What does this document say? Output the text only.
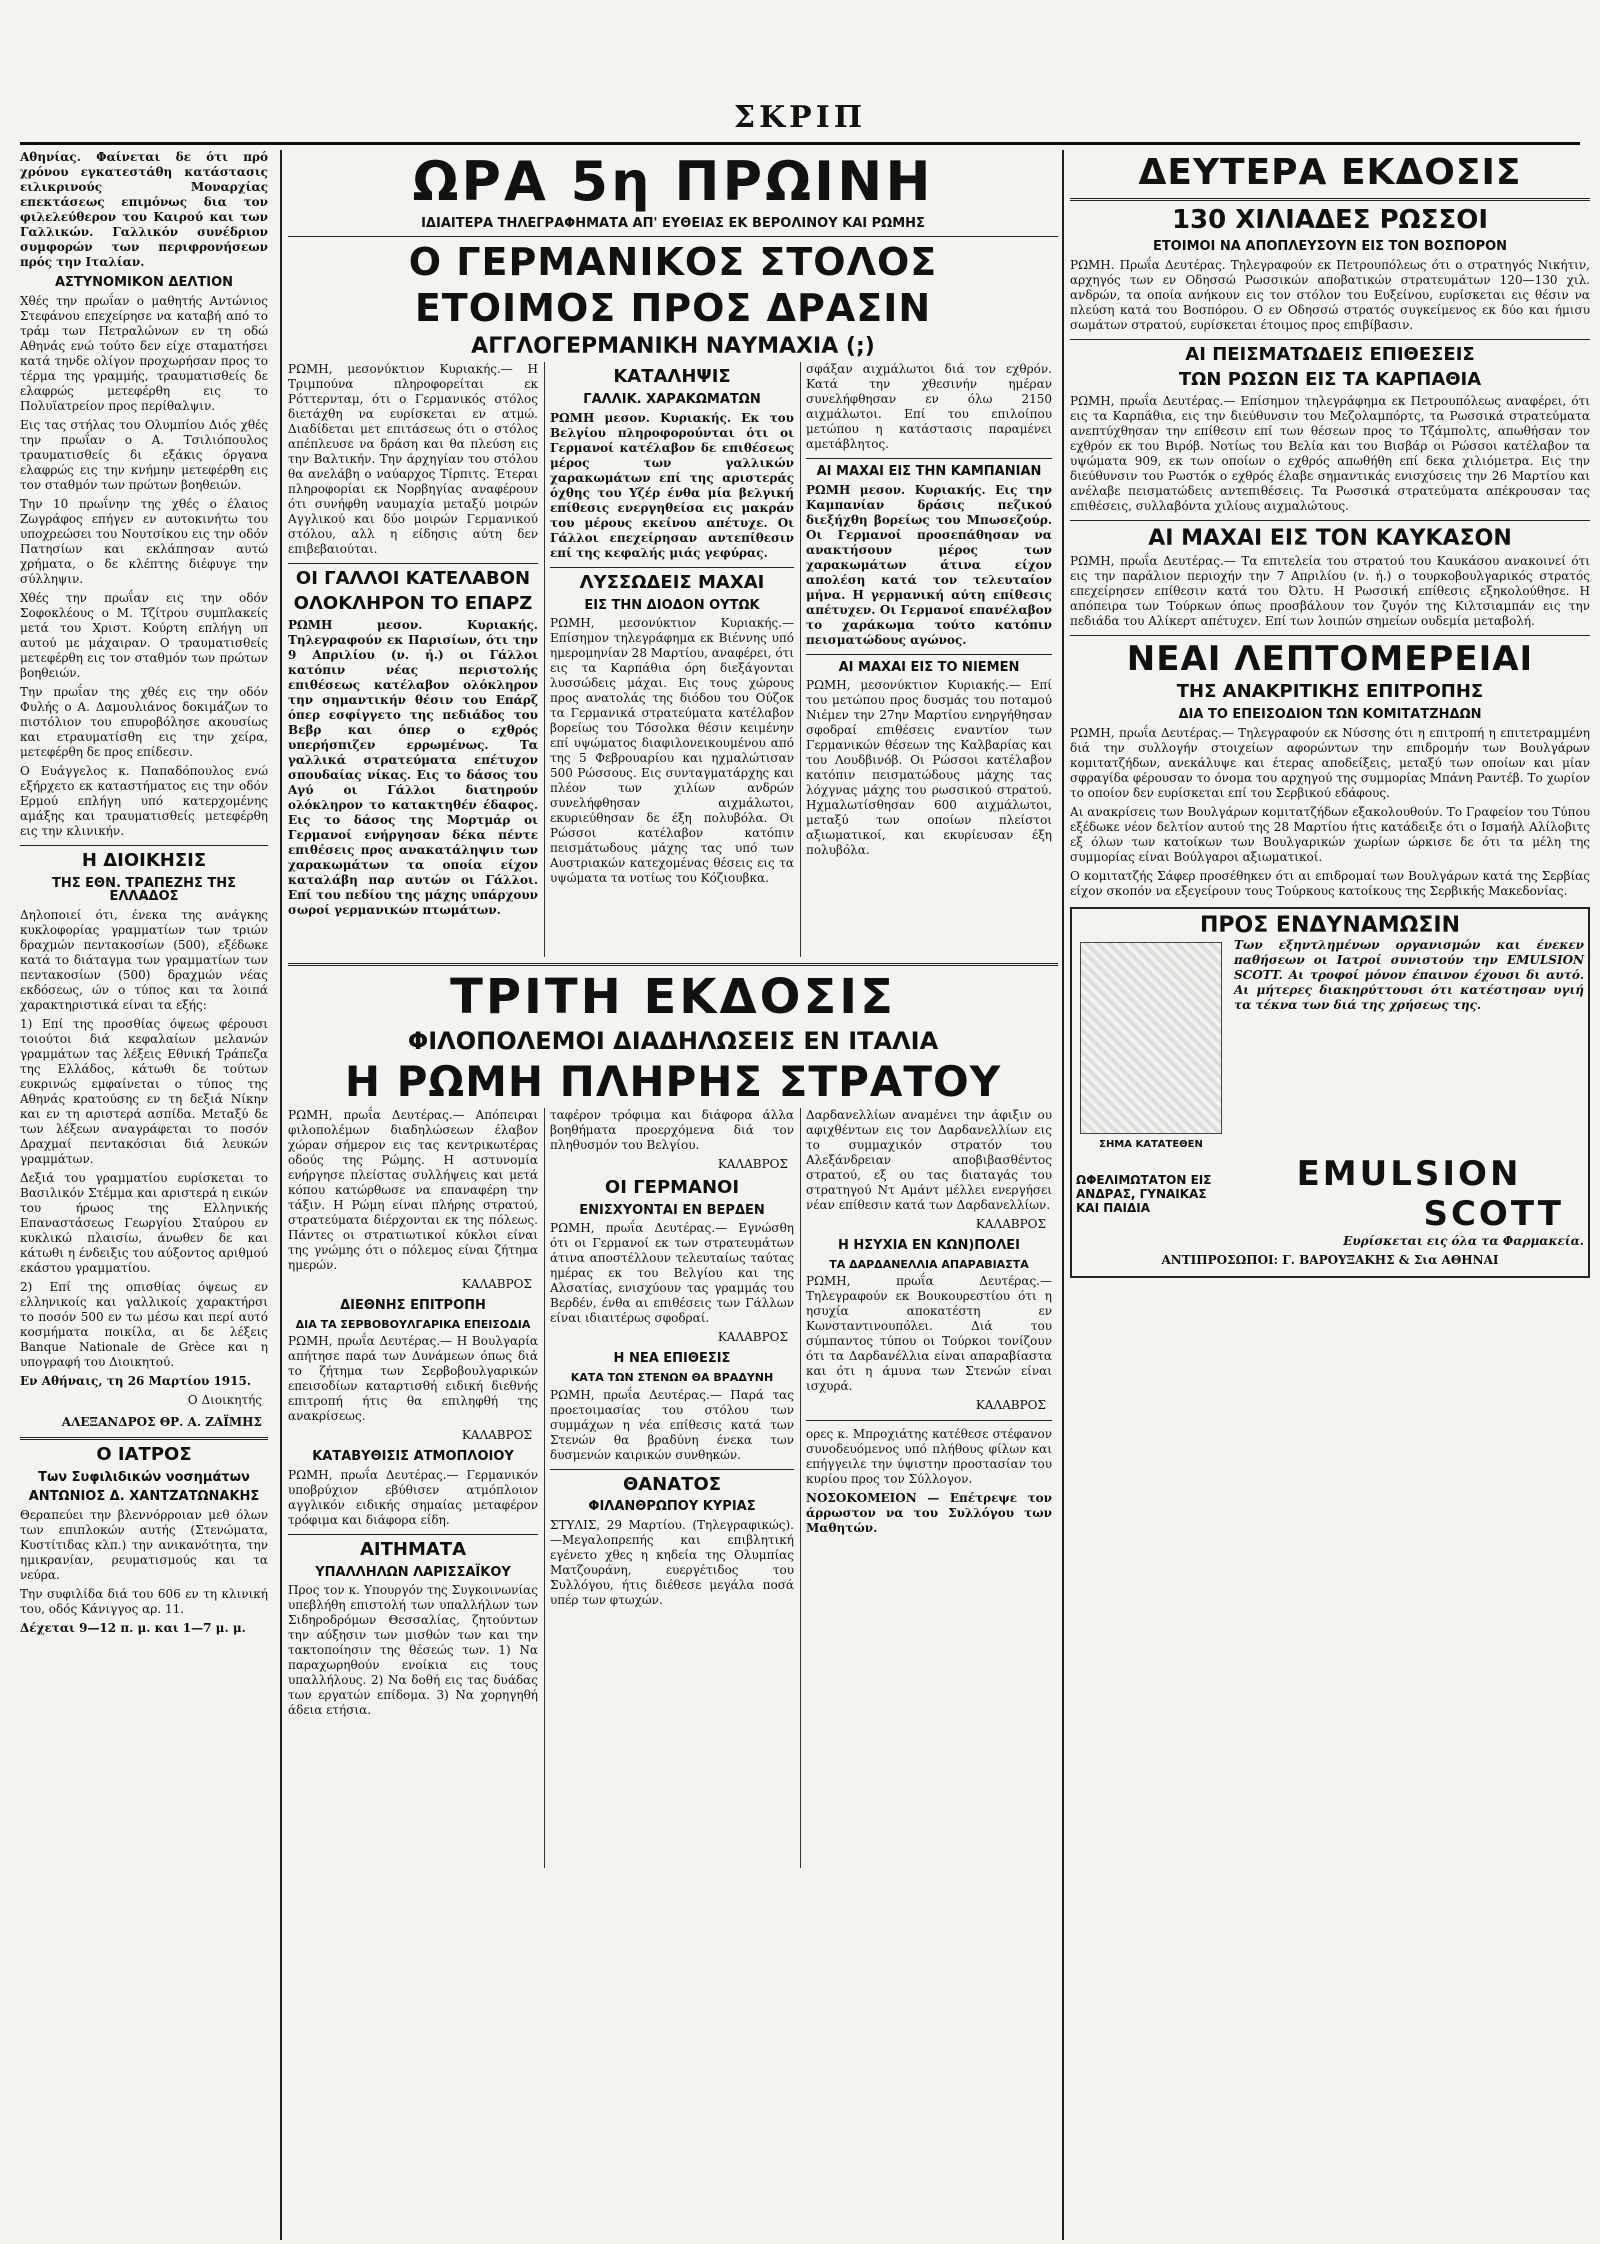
ΣΚΡΙΠ

Αθηνίας. Φαίνεται δε ότι πρό χρόνου εγκατεστάθη κατάστασις ειλικρινούς Μοναρχίας επεκτάσεως επιμόνως δια τον φιλελεύθερον του Καιρού και των Γαλλικών. Γαλλικόν συνέδριον συμφορών των περιφρονήσεων πρός την Ιταλίαν.

ΑΣΤΥΝΟΜΙΚΟΝ ΔΕΛΤΙΟΝ

Χθές την πρωΐαν ο μαθητής Αντώνιος Στεφάνου επεχείρησε να καταβή από το τράμ των Πετραλώνων εν τη οδώ Αθηνάς ενώ τούτο δεν είχε σταματήσει κατά τηνδε ολίγον προχωρήσαν προς το τέρμα της γραμμής, τραυματισθείς δε ελαφρώς μετεφέρθη εις το Πολυϊατρείον προς περίθαλψιν.

Εις τας στήλας του Ολυμπίου Διός χθές την πρωΐαν ο Α. Τσιλιόπουλος τραυματισθείς δι εξάκις όργανα ελαφρώς εις την κνήμην μετεφέρθη εις τον σταθμόν των πρώτων βοηθειών.

Την 10 πρωΐνην της χθές ο έλαιος Ζωγράφος επήγεν εν αυτοκινήτω του υποχρεώσει του Νουτσίκου εις την οδόν Πατησίων και εκλάπησαν αυτώ χρήματα, ο δε κλέπτης διέφυγε την σύλληψιν.

Χθές την πρωΐαν εις την οδόν Σοφοκλέους ο Μ. Τζίτρου συμπλακείς μετά του Χριστ. Κούρτη επλήγη υπ αυτού με μάχαιραν. Ο τραυματισθείς μετεφέρθη εις τον σταθμόν των πρώτων βοηθειών.

Την πρωΐαν της χθές εις την οδόν Φυλής ο Α. Δαμουλιάνος δοκιμάζων το πιστόλιον του επυροβόλησε ακουσίως και ετραυματίσθη εις την χείρα, μετεφέρθη δε προς επίδεσιν.

Ο Ευάγγελος κ. Παπαδόπουλος ενώ εξήρχετο εκ καταστήματος εις την οδόν Ερμού επλήγη υπό κατερχομένης αμάξης και τραυματισθείς μετεφέρθη εις την κλινικήν.

Η ΔΙΟΙΚΗΣΙΣ
ΤΗΣ ΕΘΝ. ΤΡΑΠΕΖΗΣ ΤΗΣ ΕΛΛΑΔΟΣ

Δηλοποιεί ότι, ένεκα της ανάγκης κυκλοφορίας γραμματίων των τριών δραχμών πεντακοσίων (500), εξέδωκε κατά το διάταγμα των γραμματίων των πεντακοσίων (500) δραχμών νέας εκδόσεως, ών ο τύπος και τα λοιπά χαρακτηριστικά είναι τα εξής:

1) Επί της προσθίας όψεως φέρουσι τοιούτοι διά κεφαλαίων μελανών γραμμάτων τας λέξεις Εθνική Τράπεζα της Ελλάδος, κάτωθι δε τούτων ευκρινώς εμφαίνεται ο τύπος της Αθηνάς κρατούσης εν τη δεξιά Νίκην και εν τη αριστερά ασπίδα. Μεταξύ δε των λέξεων αναγράφεται το ποσόν Δραχμαί πεντακόσιαι διά λευκών γραμμάτων.

Δεξιά του γραμματίου ευρίσκεται το Βασιλικόν Στέμμα και αριστερά η εικών του ήρωος της Ελληνικής Επαναστάσεως Γεωργίου Σταύρου εν κυκλικώ πλαισίω, άνωθεν δε και κάτωθι η ένδειξις του αύξοντος αριθμού εκάστου γραμματίου.

2) Επί της οπισθίας όψεως εν ελληνικοίς και γαλλικοίς χαρακτήρσι το ποσόν 500 εν τω μέσω και περί αυτό κοσμήματα ποικίλα, αι δε λέξεις Banque Nationale de Grèce και η υπογραφή του Διοικητού.

Εν Αθήναις, τη 26 Μαρτίου 1915.

Ο Διοικητής
ΑΛΕΞΑΝΔΡΟΣ ΘΡ. Α. ΖΑΪΜΗΣ
Ο ΙΑΤΡΟΣ
Των Συφιλιδικών νοσημάτων
ΑΝΤΩΝΙΟΣ Δ. ΧΑΝΤΖΑΤΩΝΑΚΗΣ

Θεραπεύει την βλεννόρροιαν μεθ όλων των επιπλοκών αυτής (Στενώματα, Κυστίτιδας κλπ.) την ανικανότητα, την ημικρανίαν, ρευματισμούς και τα νεύρα.

Την συφιλίδα διά του 606 εν τη κλινική του, οδός Κάνιγγος αρ. 11.

Δέχεται 9—12 π. μ. και 1—7 μ. μ.

ΩΡΑ 5η ΠΡΩΙΝΗ
ΙΔΙΑΙΤΕΡΑ ΤΗΛΕΓΡΑΦΗΜΑΤΑ ΑΠ' ΕΥΘΕΙΑΣ ΕΚ ΒΕΡΟΛΙΝΟΥ ΚΑΙ ΡΩΜΗΣ
Ο ΓΕΡΜΑΝΙΚΟΣ ΣΤΟΛΟΣ
ΕΤΟΙΜΟΣ ΠΡΟΣ ΔΡΑΣΙΝ
ΑΓΓΛΟΓΕΡΜΑΝΙΚΗ ΝΑΥΜΑΧΙΑ (;)

ΡΩΜΗ, μεσονύκτιον Κυριακής.— Η Τριμπούνα πληροφορείται εκ Ρόττερνταμ, ότι ο Γερμανικός στόλος διετάχθη να ευρίσκεται εν ατμώ. Διαδίδεται μετ επιτάσεως ότι ο στόλος απέπλευσε να δράση και θα πλεύση εις την Βαλτικήν. Την άρχηγίαν του στόλου θα ανελάβη ο ναύαρχος Τίρπιτς. Έτεραι πληροφορίαι εκ Νορβηγίας αναφέρουν ότι συνήφθη ναυμαχία μεταξύ μοιρών Αγγλικού και δύο μοιρών Γερμανικού στόλου, αλλ η είδησις αύτη δεν επιβεβαιούται.

ΟΙ ΓΑΛΛΟΙ ΚΑΤΕΛΑΒΟΝ
ΟΛΟΚΛΗΡΟΝ ΤΟ ΕΠΑΡΖ

ΡΩΜΗ μεσον. Κυριακής. Τηλεγραφούν εκ Παρισίων, ότι την 9 Απριλίου (ν. ή.) οι Γάλλοι κατόπιν νέας περιστολής επιθέσεως κατέλαβον ολόκληρον την σημαντικήν θέσιν του Επάρζ όπερ εσφίγγετο της πεδιάδος του Βεβρ και όπερ ο εχθρός υπερήσπιζεν ερρωμένως. Τα γαλλικά στρατεύματα επέτυχον σπουδαίας νίκας. Εις το δάσος του Αγύ οι Γάλλοι διατηρούν ολόκληρον το κατακτηθέν έδαφος. Εις το δάσος της Μορτμάρ οι Γερμανοί ενήργησαν δέκα πέντε επιθέσεις προς ανακατάληψιν των χαρακωμάτων τα οποία είχον καταλάβη παρ αυτών οι Γάλλοι. Επί του πεδίου της μάχης υπάρχουν σωροί γερμανικών πτωμάτων.

ΚΑΤΑΛΗΨΙΣ
ΓΑΛΛΙΚ. ΧΑΡΑΚΩΜΑΤΩΝ

ΡΩΜΗ μεσον. Κυριακής. Εκ του Βελγίου πληροφορούνται ότι οι Γερμανοί κατέλαβον δε επιθέσεως μέρος των γαλλικών χαρακωμάτων επί της αριστεράς όχθης του Υζέρ ένθα μία βελγική επίθεσις ενεργηθείσα εις μακράν του μέρους εκείνου απέτυχε. Οι Γάλλοι επεχείρησαν αντεπίθεσιν επί της κεφαλής μιάς γεφύρας.

ΛΥΣΣΩΔΕΙΣ ΜΑΧΑΙ
ΕΙΣ ΤΗΝ ΔΙΟΔΟΝ ΟΥΤΩΚ

ΡΩΜΗ, μεσονύκτιον Κυριακής.— Επίσημον τηλεγράφημα εκ Βιέννης υπό ημερομηνίαν 28 Μαρτίου, αναφέρει, ότι εις τα Καρπάθια όρη διεξάγονται λυσσώδεις μάχαι. Εις τους χώρους προς ανατολάς της διόδου του Ούζοκ τα Γερμανικά στρατεύματα κατέλαβον βορείως του Τόσολκα θέσιν κειμένην επί υψώματος διαφιλονεικουμένου από της 5 Φεβρουαρίου και ηχμαλώτισαν 500 Ρώσσους. Εις συνταγματάρχης και πλέον των χιλίων ανδρών συνελήφθησαν αιχμάλωτοι, εκυριεύθησαν δε έξη πολυβόλα. Οι Ρώσσοι κατέλαβον κατόπιν πεισμάτωδους μάχης τας υπό των Αυστριακών κατεχομένας θέσεις εις τα υψώματα τα νοτίως του Κόζιουβκα.

σφάξαν αιχμάλωτοι διά τον εχθρόν. Κατά την χθεσινήν ημέραν συνελήφθησαν εν όλω 2150 αιχμάλωτοι. Επί του επιλοίπου μετώπου η κατάστασις παραμένει αμετάβλητος.

ΑΙ ΜΑΧΑΙ ΕΙΣ ΤΗΝ ΚΑΜΠΑΝΙΑΝ

ΡΩΜΗ μεσον. Κυριακής. Εις την Καμπανίαν δράσις πεζικού διεξήχθη βορείως του Μπωσεζούρ. Οι Γερμανοί προσεπάθησαν να ανακτήσουν μέρος των χαρακωμάτων άτινα είχον απολέση κατά τον τελευταίον μήνα. Η γερμανική αύτη επίθεσις απέτυχεν. Οι Γερμανοί επανέλαβον το χαράκωμα τούτο κατόπιν πεισματώδους αγώνος.

ΑΙ ΜΑΧΑΙ ΕΙΣ ΤΟ ΝΙΕΜΕΝ

ΡΩΜΗ, μεσονύκτιον Κυριακής.— Επί του μετώπου προς δυσμάς του ποταμού Νιέμεν την 27ην Μαρτίου ενηργήθησαν σφοδραί επιθέσεις εναντίον των Γερμανικών θέσεων της Καλβαρίας και του Λουδβινόβ. Οι Ρώσσοι κατέλαβον κατόπιν πεισματώδους μάχης τας λόχγνας μάχης του ρωσσικού στρατού. Ηχμαλωτίσθησαν 600 αιχμάλωτοι, μεταξύ των οποίων πλείστοι αξιωματικοί, και εκυρίευσαν έξη πολυβόλα.

ΤΡΙΤΗ ΕΚΔΟΣΙΣ
ΦΙΛΟΠΟΛΕΜΟΙ ΔΙΑΔΗΛΩΣΕΙΣ ΕΝ ΙΤΑΛΙΑ
Η ΡΩΜΗ ΠΛΗΡΗΣ ΣΤΡΑΤΟΥ

ΡΩΜΗ, πρωΐα Δευτέρας.— Απόπειραι φιλοπολέμων διαδηλώσεων έλαβον χώραν σήμερον εις τας κεντρικωτέρας οδούς της Ρώμης. Η αστυνομία ενήργησε πλείστας συλλήψεις και μετά κόπου κατώρθωσε να επαναφέρη την τάξιν. Η Ρώμη είναι πλήρης στρατού, στρατεύματα διέρχονται εκ της πόλεως. Πάντες οι στρατιωτικοί κύκλοι είναι της γνώμης ότι ο πόλεμος είναι ζήτημα ημερών.

ΚΑΛΑΒΡΟΣ
ΔΙΕΘΝΗΣ ΕΠΙΤΡΟΠΗ
ΔΙΑ ΤΑ ΣΕΡΒΟΒΟΥΛΓΑΡΙΚΑ ΕΠΕΙΣΟΔΙΑ

ΡΩΜΗ, πρωΐα Δευτέρας.— Η Βουλγαρία απήτησε παρά των Δυνάμεων όπως διά το ζήτημα των Σερβοβουλγαρικών επεισοδίων καταρτισθή ειδική διεθνής επιτροπή ήτις θα επιληφθή της ανακρίσεως.

ΚΑΛΑΒΡΟΣ
ΚΑΤΑΒΥΘΙΣΙΣ ΑΤΜΟΠΛΟΙΟΥ

ΡΩΜΗ, πρωΐα Δευτέρας.— Γερμανικόν υποβρύχιον εβύθισεν ατμόπλοιον αγγλικόν ειδικής σημαίας μεταφέρον τρόφιμα και διάφορα είδη.

ΑΙΤΗΜΑΤΑ
ΥΠΑΛΛΗΛΩΝ ΛΑΡΙΣΣΑΪΚΟΥ

Προς τον κ. Υπουργόν της Συγκοινωνίας υπεβλήθη επιστολή των υπαλλήλων των Σιδηροδρόμων Θεσσαλίας, ζητούντων την αύξησιν των μισθών των και την τακτοποίησιν της θέσεώς των. 1) Να παραχωρηθούν ενοίκια εις τους υπαλλήλους. 2) Να δοθή εις τας δυάδας των εργατών επίδομα. 3) Να χορηγηθή άδεια ετήσια.

ταφέρον τρόφιμα και διάφορα άλλα βοηθήματα προερχόμενα διά τον πληθυσμόν του Βελγίου.

ΚΑΛΑΒΡΟΣ
ΟΙ ΓΕΡΜΑΝΟΙ
ΕΝΙΣΧΥΟΝΤΑΙ ΕΝ ΒΕΡΔΕΝ

ΡΩΜΗ, πρωΐα Δευτέρας.— Εγνώσθη ότι οι Γερμανοί εκ των στρατευμάτων άτινα αποστέλλουν τελευταίως ταύτας ημέρας εκ του Βελγίου και της Αλσατίας, ενισχύουν τας γραμμάς του Βερδέν, ένθα αι επιθέσεις των Γάλλων είναι ιδιαιτέρως σφοδραί.

ΚΑΛΑΒΡΟΣ
Η ΝΕΑ ΕΠΙΘΕΣΙΣ
ΚΑΤΑ ΤΩΝ ΣΤΕΝΩΝ ΘΑ ΒΡΑΔΥΝΗ

ΡΩΜΗ, πρωΐα Δευτέρας.— Παρά τας προετοιμασίας του στόλου των συμμάχων η νέα επίθεσις κατά των Στενών θα βραδύνη ένεκα των δυσμενών καιρικών συνθηκών.

ΘΑΝΑΤΟΣ
ΦΙΛΑΝΘΡΩΠΟΥ ΚΥΡΙΑΣ

ΣΤΥΛΙΣ, 29 Μαρτίου. (Τηλεγραφικώς).—Μεγαλοπρεπής και επιβλητική εγένετο χθες η κηδεία της Ολυμπίας Ματζουράνη, ευεργέτιδος του Συλλόγου, ήτις διέθεσε μεγάλα ποσά υπέρ των φτωχών.

Δαρδανελλίων αναμένει την άφιξιν ου αφιχθέντων εις τον Δαρδανελλίων εις το συμμαχικόν στρατόν του Αλεξάνδρειαν αποβιβασθέντος στρατού, εξ ου τας διαταγάς του στρατηγού Ντ Αμάντ μέλλει ενεργήσει νέαν επίθεσιν κατά των Δαρδανελλίων.

ΚΑΛΑΒΡΟΣ
Η ΗΣΥΧΙΑ ΕΝ ΚΩΝ)ΠΟΛΕΙ
ΤΑ ΔΑΡΔΑΝΕΛΛΙΑ ΑΠΑΡΑΒΙΑΣΤΑ

ΡΩΜΗ, πρωΐα Δευτέρας.— Τηλεγραφούν εκ Βουκουρεστίου ότι η ησυχία αποκατέστη εν Κωνσταντινουπόλει. Διά του σύμπαντος τύπου οι Τούρκοι τονίζουν ότι τα Δαρδανέλλια είναι απαραβίαστα και ότι η άμυνα των Στενών είναι ισχυρά.

ΚΑΛΑΒΡΟΣ

ορες κ. Μπροχιάτης κατέθεσε στέφανον συνοδευόμενος υπό πλήθους φίλων και επήγγειλε την ύψιστην προστασίαν του κυρίου προς τον Σύλλογον.

ΝΟΣΟΚΟΜΕΙΟΝ — Επέτρεψε τον άρρωστον να του Συλλόγου των Μαθητών.

ΔΕΥΤΕΡΑ ΕΚΔΟΣΙΣ
130 ΧΙΛΙΑΔΕΣ ΡΩΣΣΟΙ
ΕΤΟΙΜΟΙ ΝΑ ΑΠΟΠΛΕΥΣΟΥΝ ΕΙΣ ΤΟΝ ΒΟΣΠΟΡΟΝ

ΡΩΜΗ. Πρωΐα Δευτέρας. Τηλεγραφούν εκ Πετρουπόλεως ότι ο στρατηγός Νικήτιν, αρχηγός των εν Οδησσώ Ρωσσικών αποβατικών στρατευμάτων 120—130 χιλ. ανδρών, τα οποία ανήκουν εις τον στόλον του Ευξείνου, ευρίσκεται εις θέσιν να πλεύση κατά του Βοσπόρου. Ο εν Οδησσώ στρατός συγκείμενος εκ δύο και ήμισυ σωμάτων στρατού, ευρίσκεται έτοιμος προς επιβίβασιν.

ΑΙ ΠΕΙΣΜΑΤΩΔΕΙΣ ΕΠΙΘΕΣΕΙΣ
ΤΩΝ ΡΩΣΩΝ ΕΙΣ ΤΑ ΚΑΡΠΑΘΙΑ

ΡΩΜΗ, πρωΐα Δευτέρας.— Επίσημον τηλεγράφημα εκ Πετρουπόλεως αναφέρει, ότι εις τα Καρπάθια, εις την διεύθυνσιν του Μεζολαμπόρτς, τα Ρωσσικά στρατεύματα ανεπτύχθησαν την επίθεσιν επί των θέσεων προς το Τζάμπολτς, απωθήσαν τον εχθρόν εκ του Βιρόβ. Νοτίως του Βελία και του Βισβάρ οι Ρώσσοι κατέλαβον τα υψώματα 909, εκ των οποίων ο εχθρός απωθήθη επί δεκα χιλιόμετρα. Εις την διεύθυνσιν του Ρωστόκ ο εχθρός έλαβε σημαντικάς ενισχύσεις την 26 Μαρτίου και ανέλαβε πεισματώδεις αντεπιθέσεις. Τα Ρωσσικά στρατεύματα απέκρουσαν τας επιθέσεις, συλλαβόντα χιλίους αιχμαλώτους.

ΑΙ ΜΑΧΑΙ ΕΙΣ ΤΟΝ ΚΑΥΚΑΣΟΝ

ΡΩΜΗ, πρωΐα Δευτέρας.— Τα επιτελεία του στρατού του Καυκάσου ανακοινεί ότι εις την παράλιον περιοχήν την 7 Απριλίου (ν. ή.) ο τουρκοβουλγαρικός στρατός επεχείρησεν επίθεσιν κατά του Όλτυ. Η Ρωσσική επίθεσις εξηκολούθησε. Η απόπειρα των Τούρκων όπως προσβάλουν τον ζυγόν της Κιλτσιαμπάν εις την πεδιάδα του Αλίκερτ απέτυχεν. Επί των λοιπών σημείων ουδεμία μεταβολή.

ΝΕΑΙ ΛΕΠΤΟΜΕΡΕΙΑΙ
ΤΗΣ ΑΝΑΚΡΙΤΙΚΗΣ ΕΠΙΤΡΟΠΗΣ
ΔΙΑ ΤΟ ΕΠΕΙΣΟΔΙΟΝ ΤΩΝ ΚΟΜΙΤΑΤΖΗΔΩΝ

ΡΩΜΗ, πρωΐα Δευτέρας.— Τηλεγραφούν εκ Νύσσης ότι η επιτροπή η επιτετραμμένη διά την συλλογήν στοιχείων αφορώντων την επιδρομήν των Βουλγάρων κομιτατζήδων, ανεκάλυψε και έτερας αποδείξεις, μεταξύ των οποίων και μίαν σφραγίδα φέρουσαν το όνομα του αρχηγού της συμμορίας Μπάνη Ραντέβ. Το χωρίον το οποίον δεν ευρίσκεται επί του Σερβικού εδάφους.

Αι ανακρίσεις των Βουλγάρων κομιτατζήδων εξακολουθούν. Το Γραφείον του Τύπου εξέδωκε νέον δελτίον αυτού της 28 Μαρτίου ήτις κατάδειξε ότι ο Ισμαήλ Αλίλοβιτς εξ όλων των κατοίκων των Βουλγαρικών χωρίων ώρκισε δε ότι τα μέλη της συμμορίας είναι Βούλγαροι αξιωματικοί.

Ο κομιτατζής Σάφερ προσέθηκεν ότι αι επιδρομαί των Βουλγάρων κατά της Σερβίας είχον σκοπόν να εξεγείρουν τους Τούρκους κατοίκους της Σερβικής Μακεδονίας.

ΠΡΟΣ ΕΝΔΥΝΑΜΩΣΙΝ
ΣΗΜΑ ΚΑΤΑΤΕΘΕΝ

Των εξηντλημένων οργανισμών και ένεκεν παθήσεων οι Ιατροί συνιστούν την EMULSION SCOTT. Αι τροφοί μόνον έπαινον έχουσι δι αυτό. Αι μήτερες διακηρύττουσι ότι κατέστησαν υγιή τα τέκνα των διά της χρήσεως της.

ΩΦΕΛΙΜΩΤΑΤΟΝ ΕΙΣ
ΑΝΔΡΑΣ, ΓΥΝΑΙΚΑΣ
ΚΑΙ ΠΑΙΔΙΑ
EMULSION
SCOTT

Ευρίσκεται εις όλα τα Φαρμακεία.

ΑΝΤΙΠΡΟΣΩΠΟΙ: Γ. ΒΑΡΟΥΞΑΚΗΣ & Σια ΑΘΗΝΑΙ
